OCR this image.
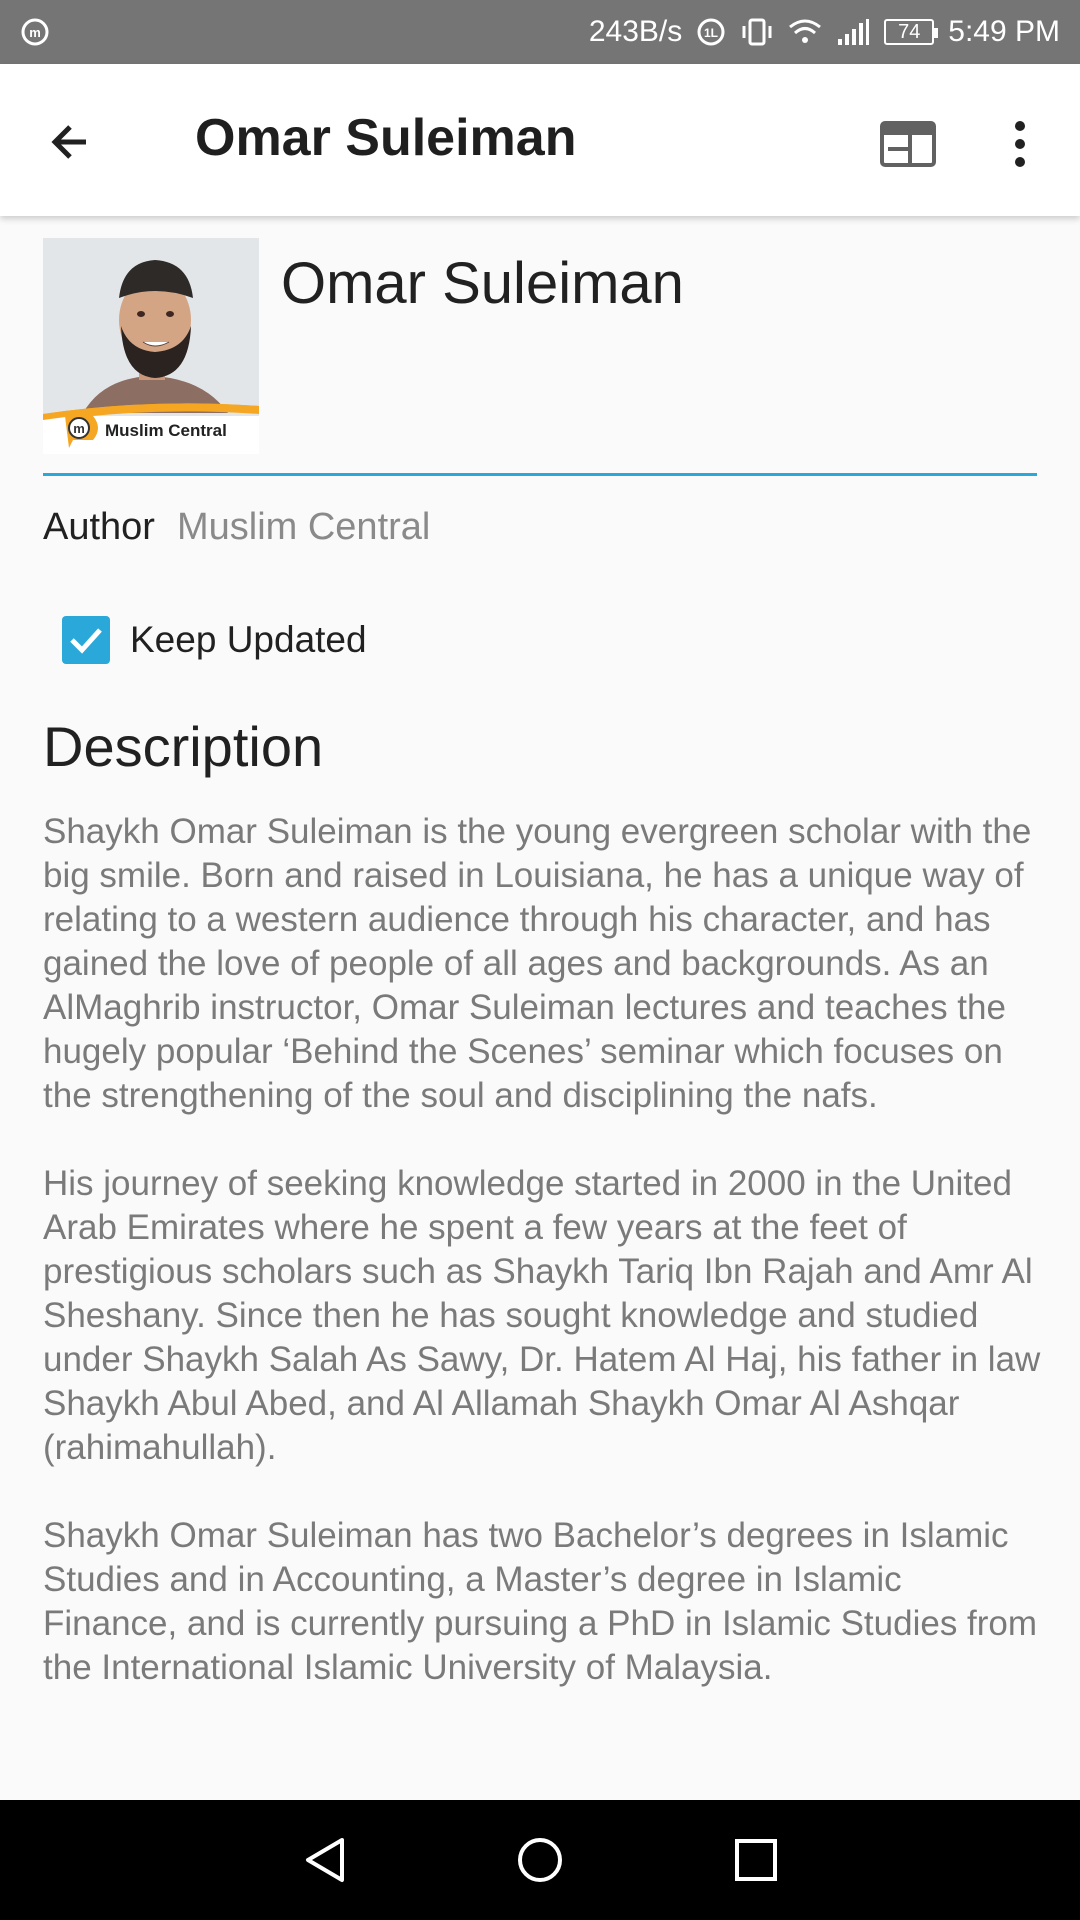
m	243B/s 1L	74 5:49 PM
Omar Suleiman
m Muslim Central
Omar Suleiman
Author Muslim Central
Keep Updated
Description

Shaykh Omar Suleiman is the young evergreen scholar with the big smile. Born and raised in Louisiana, he has a unique way of relating to a western audience through his character, and has gained the love of people of all ages and backgrounds. As an AlMaghrib instructor, Omar Suleiman lectures and teaches the hugely popular ‘Behind the Scenes’ seminar which focuses on the strengthening of the soul and disciplining the nafs.

His journey of seeking knowledge started in 2000 in the United Arab Emirates where he spent a few years at the feet of prestigious scholars such as Shaykh Tariq Ibn Rajah and Amr Al Sheshany. Since then he has sought knowledge and studied under Shaykh Salah As Sawy, Dr. Hatem Al Haj, his father in law Shaykh Abul Abed, and Al Allamah Shaykh Omar Al Ashqar (rahimahullah).

Shaykh Omar Suleiman has two Bachelor’s degrees in Islamic Studies and in Accounting, a Master’s degree in Islamic Finance, and is currently pursuing a PhD in Islamic Studies from the International Islamic University of Malaysia.
